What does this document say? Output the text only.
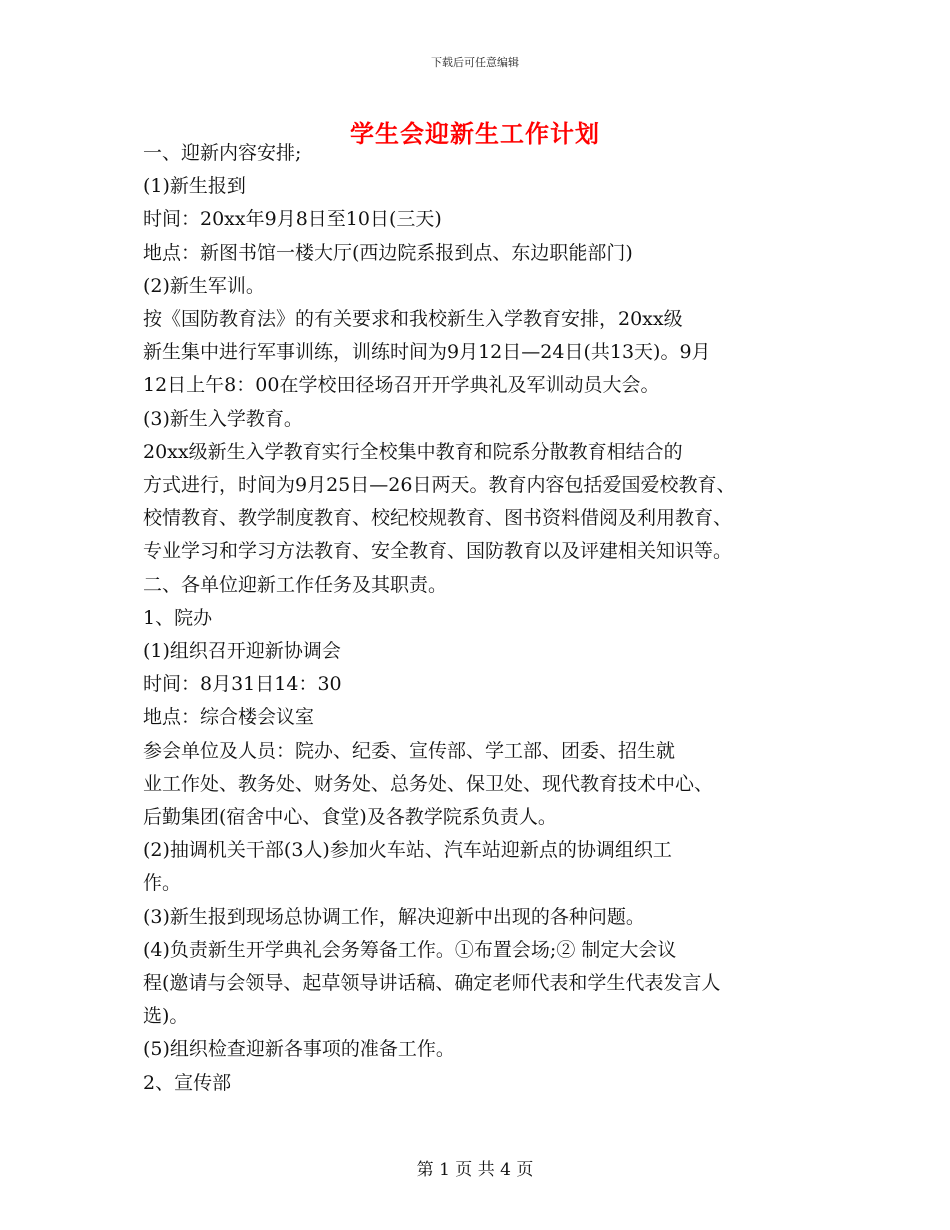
下载后可任意编辑
学生会迎新生工作计划
一、迎新内容安排;
(1)新生报到
时间：20xx年9月8日至10日(三天)
地点：新图书馆一楼大厅(西边院系报到点、东边职能部门)
(2)新生军训。
按《国防教育法》的有关要求和我校新生入学教育安排，20xx级
新生集中进行军事训练，训练时间为9月12日—24日(共13天)。9月
12日上午8：00在学校田径场召开开学典礼及军训动员大会。
(3)新生入学教育。
20xx级新生入学教育实行全校集中教育和院系分散教育相结合的
方式进行，时间为9月25日—26日两天。教育内容包括爱国爱校教育、
校情教育、教学制度教育、校纪校规教育、图书资料借阅及利用教育、
专业学习和学习方法教育、安全教育、国防教育以及评建相关知识等。
二、各单位迎新工作任务及其职责。
1、院办
(1)组织召开迎新协调会
时间：8月31日14：30
地点：综合楼会议室
参会单位及人员：院办、纪委、宣传部、学工部、团委、招生就
业工作处、教务处、财务处、总务处、保卫处、现代教育技术中心、
后勤集团(宿舍中心、食堂)及各教学院系负责人。
(2)抽调机关干部(3人)参加火车站、汽车站迎新点的协调组织工
作。
(3)新生报到现场总协调工作，解决迎新中出现的各种问题。
(4)负责新生开学典礼会务筹备工作。①布置会场;② 制定大会议
程(邀请与会领导、起草领导讲话稿、确定老师代表和学生代表发言人
选)。
(5)组织检查迎新各事项的准备工作。
2、宣传部
第 1 页 共 4 页
